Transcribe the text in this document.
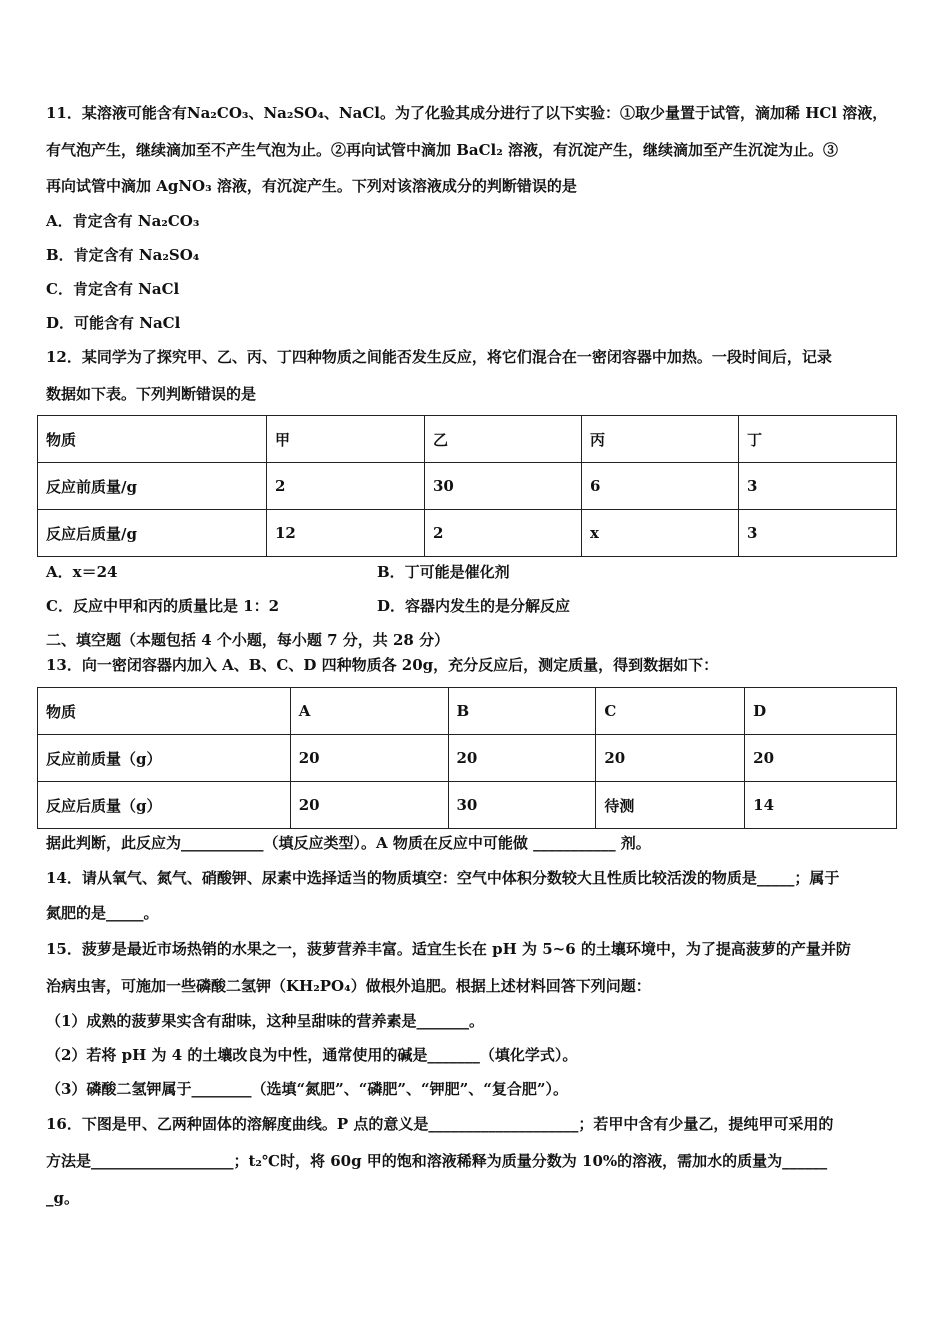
11．某溶液可能含有Na₂CO₃、Na₂SO₄、NaCl。为了化验其成分进行了以下实验：①取少量置于试管，滴加稀 HCl 溶液，
有气泡产生，继续滴加至不产生气泡为止。②再向试管中滴加 BaCl₂ 溶液，有沉淀产生，继续滴加至产生沉淀为止。③
再向试管中滴加 AgNO₃ 溶液，有沉淀产生。下列对该溶液成分的判断错误的是
A．肯定含有 Na₂CO₃
B．肯定含有 Na₂SO₄
C．肯定含有 NaCl
D．可能含有 NaCl
12．某同学为了探究甲、乙、丙、丁四种物质之间能否发生反应，将它们混合在一密闭容器中加热。一段时间后，记录
数据如下表。下列判断错误的是
物质	甲	乙	丙	丁
反应前质量/g	2	30	6	3
反应后质量/g	12	2	x	3
A．x＝24	B．丁可能是催化剂
C．反应中甲和丙的质量比是 1：2	D．容器内发生的是分解反应
二、填空题（本题包括 4 个小题，每小题 7 分，共 28 分）
13．向一密闭容器内加入 A、B、C、D 四种物质各 20g，充分反应后，测定质量，得到数据如下：
物质	A	B	C	D
反应前质量（g）	20	20	20	20
反应后质量（g）	20	30	待测	14
据此判断，此反应为___________（填反应类型）。A 物质在反应中可能做 ___________ 剂。
14．请从氧气、氮气、硝酸钾、尿素中选择适当的物质填空：空气中体积分数较大且性质比较活泼的物质是_____；属于
氮肥的是_____。
15．菠萝是最近市场热销的水果之一，菠萝营养丰富。适宜生长在 pH 为 5~6 的土壤环境中，为了提高菠萝的产量并防
治病虫害，可施加一些磷酸二氢钾（KH₂PO₄）做根外追肥。根据上述材料回答下列问题：
（1）成熟的菠萝果实含有甜味，这种呈甜味的营养素是_______。
（2）若将 pH 为 4 的土壤改良为中性，通常使用的碱是_______（填化学式）。
（3）磷酸二氢钾属于________（选填“氮肥”、“磷肥”、“钾肥”、“复合肥”）。
16．下图是甲、乙两种固体的溶解度曲线。P 点的意义是____________________；若甲中含有少量乙，提纯甲可采用的
方法是___________________；t₂℃时，将 60g 甲的饱和溶液稀释为质量分数为 10%的溶液，需加水的质量为______
_g。
